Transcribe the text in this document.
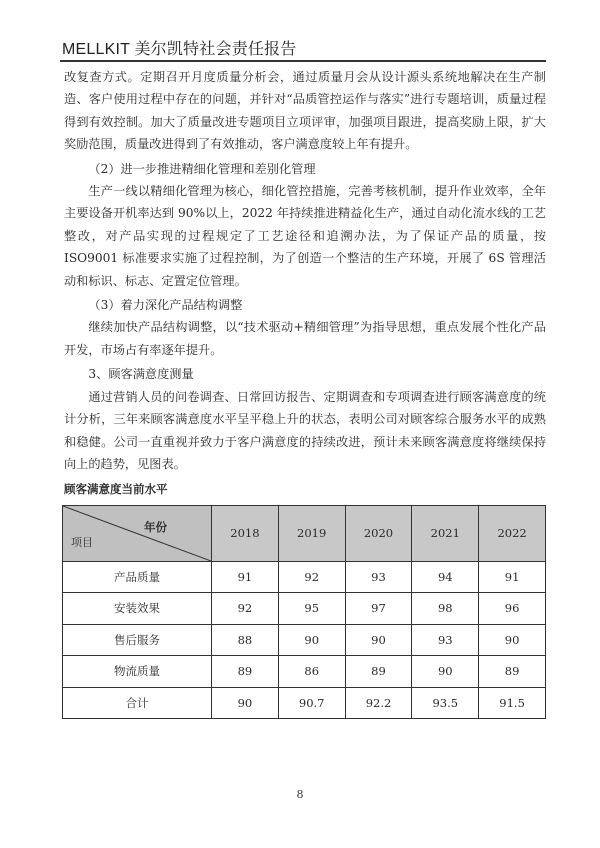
MELLKIT 美尔凯特社会责任报告

改复查方式。定期召开月度质量分析会，通过质量月会从设计源头系统地解决在生产制造、客户使用过程中存在的问题，并针对“品质管控运作与落实”进行专题培训，质量过程得到有效控制。加大了质量改进专题项目立项评审，加强项目跟进，提高奖励上限，扩大奖励范围，质量改进得到了有效推动，客户满意度较上年有提升。

（2）进一步推进精细化管理和差别化管理

生产一线以精细化管理为核心，细化管控措施，完善考核机制，提升作业效率，全年主要设备开机率达到 90%以上，2022 年持续推进精益化生产，通过自动化流水线的工艺整改，对产品实现的过程规定了工艺途径和追溯办法，为了保证产品的质量，按 ISO9001 标准要求实施了过程控制，为了创造一个整洁的生产环境，开展了 6S 管理活动和标识、标志、定置定位管理。

（3）着力深化产品结构调整

继续加快产品结构调整，以“技术驱动+精细管理”为指导思想，重点发展个性化产品开发，市场占有率逐年提升。

3、顾客满意度测量

通过营销人员的问卷调查、日常回访报告、定期调查和专项调查进行顾客满意度的统计分析，三年来顾客满意度水平呈平稳上升的状态，表明公司对顾客综合服务水平的成熟和稳健。公司一直重视并致力于客户满意度的持续改进，预计未来顾客满意度将继续保持向上的趋势，见图表。

顾客满意度当前水平

年份
项目	2018	2019	2020	2021	2022
产品质量	91	92	93	94	91
安装效果	92	95	97	98	96
售后服务	88	90	90	93	90
物流质量	89	86	89	90	89
合计	90	90.7	92.2	93.5	91.5
8
